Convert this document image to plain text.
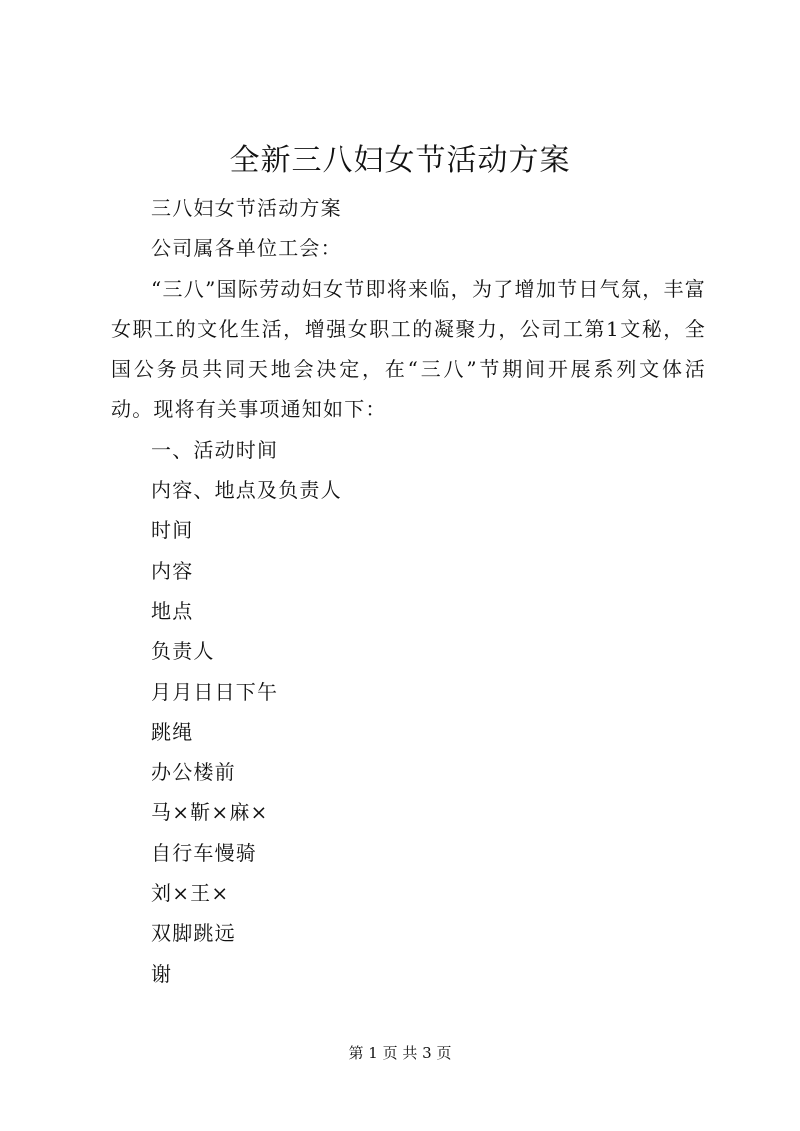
全新三八妇女节活动方案

三八妇女节活动方案

公司属各单位工会：

“三八”国际劳动妇女节即将来临，为了增加节日气氛，丰富女职工的文化生活，增强女职工的凝聚力，公司工第1文秘，全国公务员共同天地会决定，在“三八”节期间开展系列文体活动。现将有关事项通知如下：

一、活动时间

内容、地点及负责人

时间

内容

地点

负责人

月月日日下午

跳绳

办公楼前

马×靳×麻×

自行车慢骑

刘×王×

双脚跳远

谢

第 1 页 共 3 页
